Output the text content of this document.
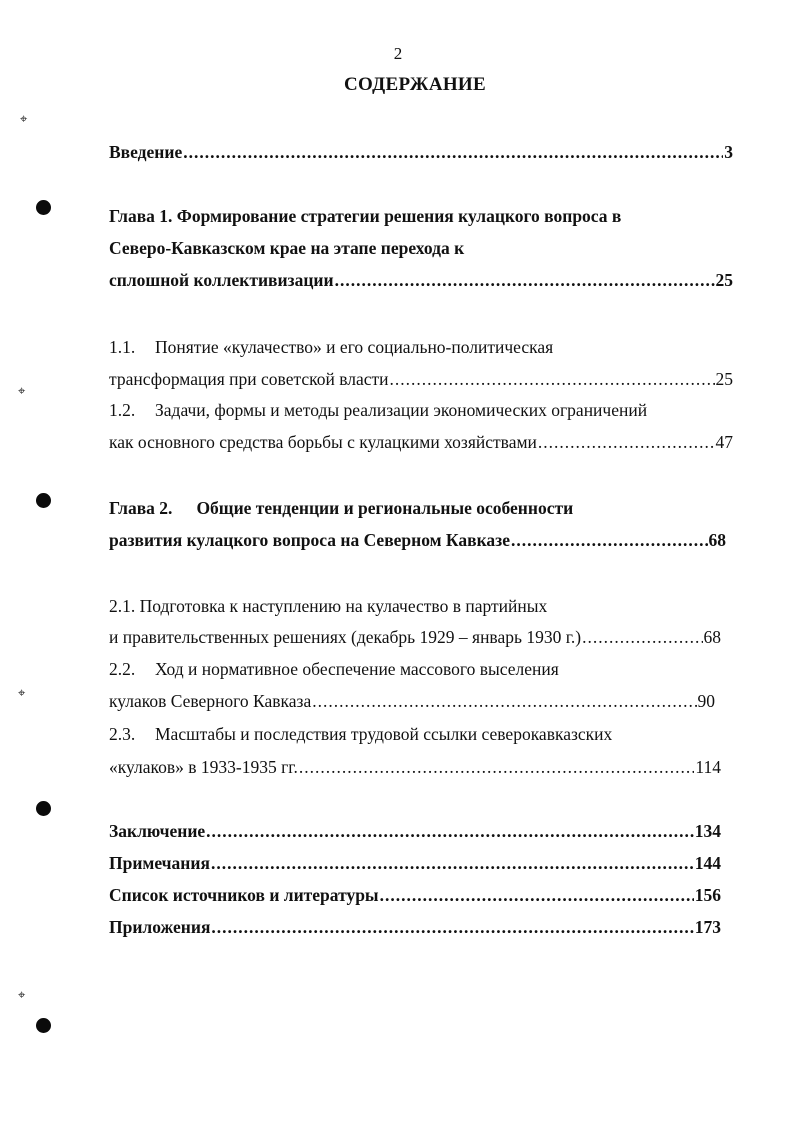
2
СОДЕРЖАНИЕ
⌖
⌖
⌖
⌖
Введение .....	3
Глава 1. Формирование стратегии решения кулацкого вопроса в
Северо-Кавказском крае на этапе перехода к
сплошной коллективизации .....	25
1.1. Понятие «кулачество» и его социально-политическая
трансформация при советской власти .....	25
1.2. Задачи, формы и методы реализации экономических ограничений
как основного средства борьбы с кулацкими хозяйствами .....	47
Глава 2. Общие тенденции и региональные особенности
развития кулацкого вопроса на Северном Кавказе .....	68
2.1. Подготовка к наступлению на кулачество в партийных
и правительственных решениях (декабрь 1929 – январь 1930 г.) .....	68
2.2. Ход и нормативное обеспечение массового выселения
кулаков Северного Кавказа .....	90
2.3. Масштабы и последствия трудовой ссылки северокавказских
«кулаков» в 1933-1935 гг. .....	114
Заключение .....	134
Примечания .....	144
Список источников и литературы .....	156
Приложения .....	173
